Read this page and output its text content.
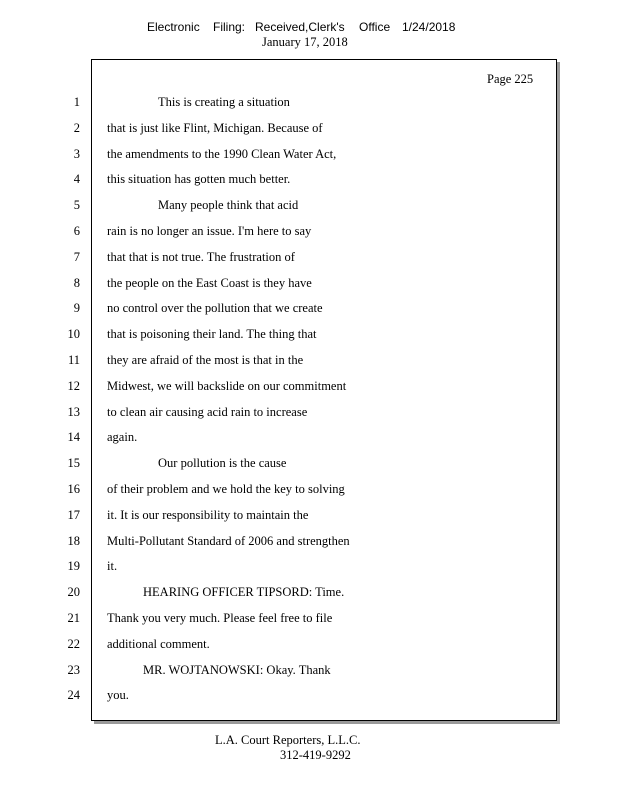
Electronic Filing: Received,Clerk's Office 1/24/2018
January 17, 2018
Page 225
1	This is creating a situation
2 that is just like Flint, Michigan. Because of
3 the amendments to the 1990 Clean Water Act,
4 this situation has gotten much better.
5	Many people think that acid
6 rain is no longer an issue. I'm here to say
7 that that is not true. The frustration of
8 the people on the East Coast is they have
9 no control over the pollution that we create
10 that is poisoning their land. The thing that
11 they are afraid of the most is that in the
12 Midwest, we will backslide on our commitment
13 to clean air causing acid rain to increase
14 again.
15	Our pollution is the cause
16 of their problem and we hold the key to solving
17 it. It is our responsibility to maintain the
18 Multi-Pollutant Standard of 2006 and strengthen
19 it.
20	HEARING OFFICER TIPSORD: Time.
21 Thank you very much. Please feel free to file
22 additional comment.
23	MR. WOJTANOWSKI: Okay. Thank
24 you.
L.A. Court Reporters, L.L.C.
312-419-9292
